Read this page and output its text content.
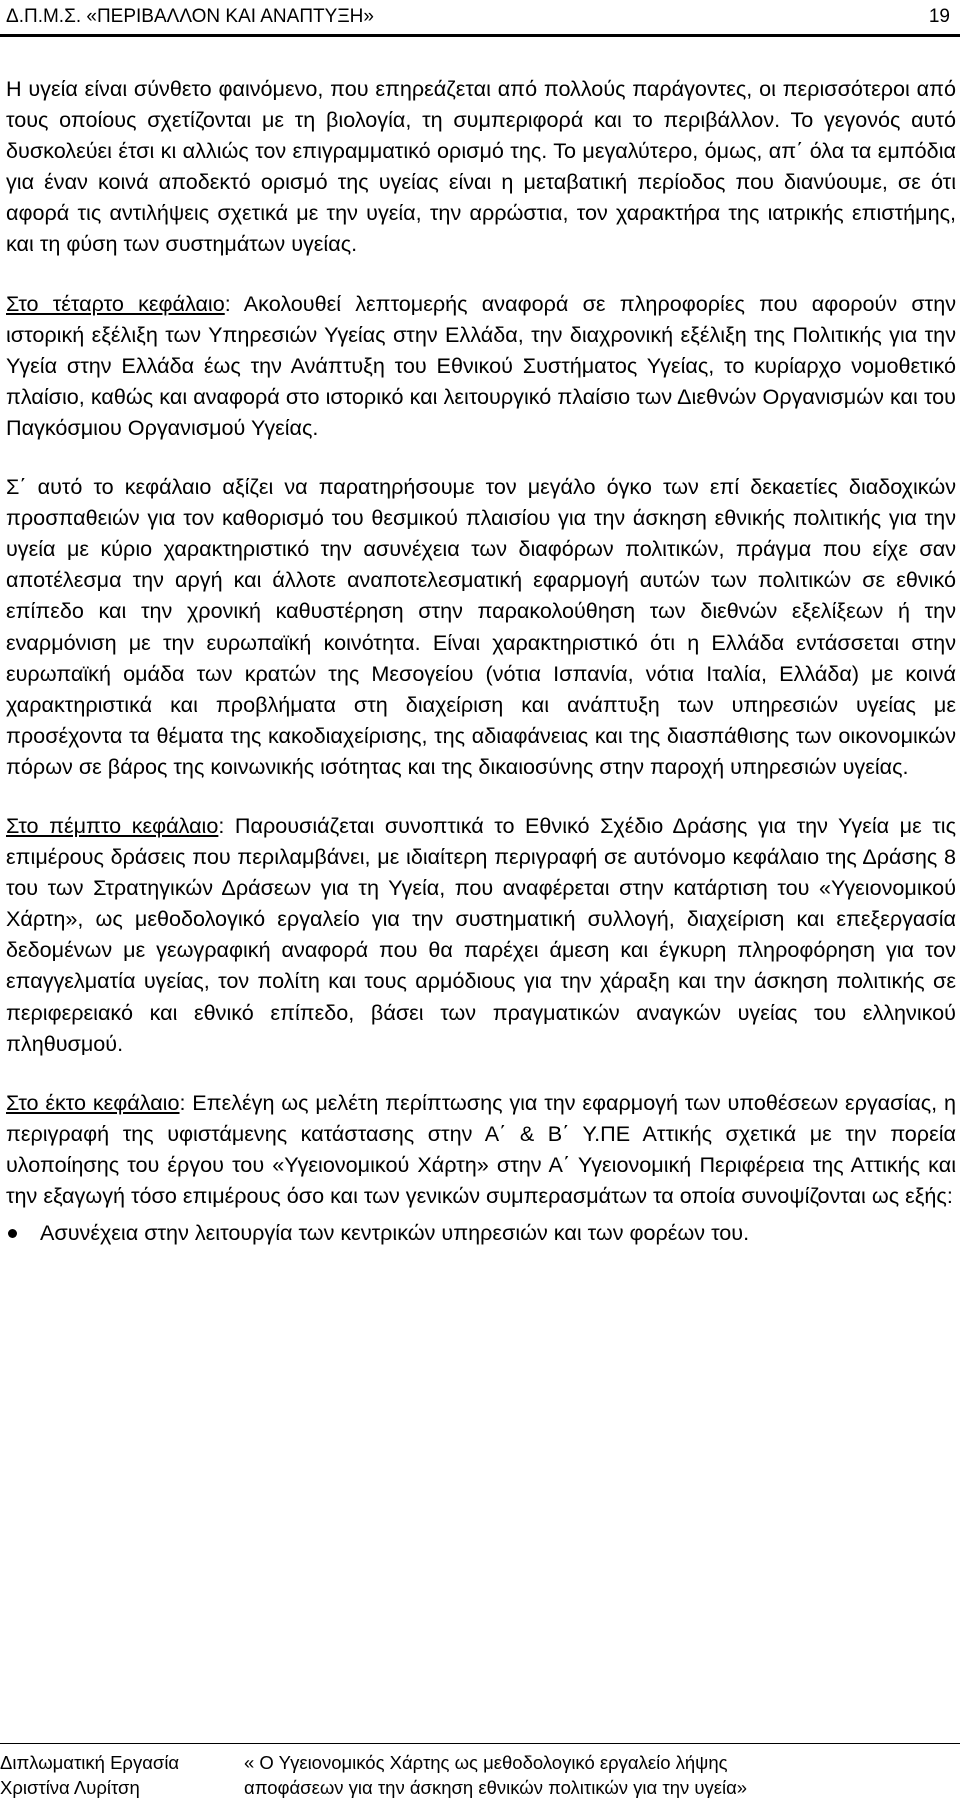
Δ.Π.Μ.Σ. «ΠΕΡΙΒΑΛΛΟΝ ΚΑΙ ΑΝΑΠΤΥΞΗ»	19

Η υγεία είναι σύνθετο φαινόμενο, που επηρεάζεται από πολλούς παράγοντες, οι περισσότεροι από τους οποίους σχετίζονται με τη βιολογία, τη συμπεριφορά και το περιβάλλον. Το γεγονός αυτό δυσκολεύει έτσι κι αλλιώς τον επιγραμματικό ορισμό της. Το μεγαλύτερο, όμως, απ΄ όλα τα εμπόδια για έναν κοινά αποδεκτό ορισμό της υγείας είναι η μεταβατική περίοδος που διανύουμε, σε ότι αφορά τις αντιλήψεις σχετικά με την υγεία, την αρρώστια, τον χαρακτήρα της ιατρικής επιστήμης, και τη φύση των συστημάτων υγείας.

Στο τέταρτο κεφάλαιο: Ακολουθεί λεπτομερής αναφορά σε πληροφορίες που αφορούν στην ιστορική εξέλιξη των Υπηρεσιών Υγείας στην Ελλάδα, την διαχρονική εξέλιξη της Πολιτικής για την Υγεία στην Ελλάδα έως την Ανάπτυξη του Εθνικού Συστήματος Υγείας, το κυρίαρχο νομοθετικό πλαίσιο, καθώς και αναφορά στο ιστορικό και λειτουργικό πλαίσιο των Διεθνών Οργανισμών και του Παγκόσμιου Οργανισμού Υγείας.

Σ΄ αυτό το κεφάλαιο αξίζει να παρατηρήσουμε τον μεγάλο όγκο των επί δεκαετίες διαδοχικών προσπαθειών για τον καθορισμό του θεσμικού πλαισίου για την άσκηση εθνικής πολιτικής για την υγεία με κύριο χαρακτηριστικό την ασυνέχεια των διαφόρων πολιτικών, πράγμα που είχε σαν αποτέλεσμα την αργή και άλλοτε αναποτελεσματική εφαρμογή αυτών των πολιτικών σε εθνικό επίπεδο και την χρονική καθυστέρηση στην παρακολούθηση των διεθνών εξελίξεων ή την εναρμόνιση με την ευρωπαϊκή κοινότητα. Είναι χαρακτηριστικό ότι η Ελλάδα εντάσσεται στην ευρωπαϊκή ομάδα των κρατών της Μεσογείου (νότια Ισπανία, νότια Ιταλία, Ελλάδα) με κοινά χαρακτηριστικά και προβλήματα στη διαχείριση και ανάπτυξη των υπηρεσιών υγείας με προσέχοντα τα θέματα της κακοδιαχείρισης, της αδιαφάνειας και της διασπάθισης των οικονομικών πόρων σε βάρος της κοινωνικής ισότητας και της δικαιοσύνης στην παροχή υπηρεσιών υγείας.

Στο πέμπτο κεφάλαιο: Παρουσιάζεται συνοπτικά το Εθνικό Σχέδιο Δράσης για την Υγεία με τις επιμέρους δράσεις που περιλαμβάνει, με ιδιαίτερη περιγραφή σε αυτόνομο κεφάλαιο της Δράσης 8 του των Στρατηγικών Δράσεων για τη Υγεία, που αναφέρεται στην κατάρτιση του «Υγειονομικού Χάρτη», ως μεθοδολογικό εργαλείο για την συστηματική συλλογή, διαχείριση και επεξεργασία δεδομένων με γεωγραφική αναφορά που θα παρέχει άμεση και έγκυρη πληροφόρηση για τον επαγγελματία υγείας, τον πολίτη και τους αρμόδιους για την χάραξη και την άσκηση πολιτικής σε περιφερειακό και εθνικό επίπεδο, βάσει των πραγματικών αναγκών υγείας του ελληνικού πληθυσμού.

Στο έκτο κεφάλαιο: Επελέγη ως μελέτη περίπτωσης για την εφαρμογή των υποθέσεων εργασίας, η περιγραφή της υφιστάμενης κατάστασης στην Α΄ & Β΄ Υ.ΠΕ Αττικής σχετικά με την πορεία υλοποίησης του έργου του «Υγειονομικού Χάρτη» στην Α΄ Υγειονομική Περιφέρεια της Αττικής και την εξαγωγή τόσο επιμέρους όσο και των γενικών συμπερασμάτων τα οποία συνοψίζονται ως εξής:

Ασυνέχεια στην λειτουργία των κεντρικών υπηρεσιών και των φορέων του.
Διπλωματική Εργασία
Χριστίνα Λυρίτση
« Ο Υγειονομικός Χάρτης ως μεθοδολογικό εργαλείο λήψης
αποφάσεων για την άσκηση εθνικών πολιτικών για την υγεία»
